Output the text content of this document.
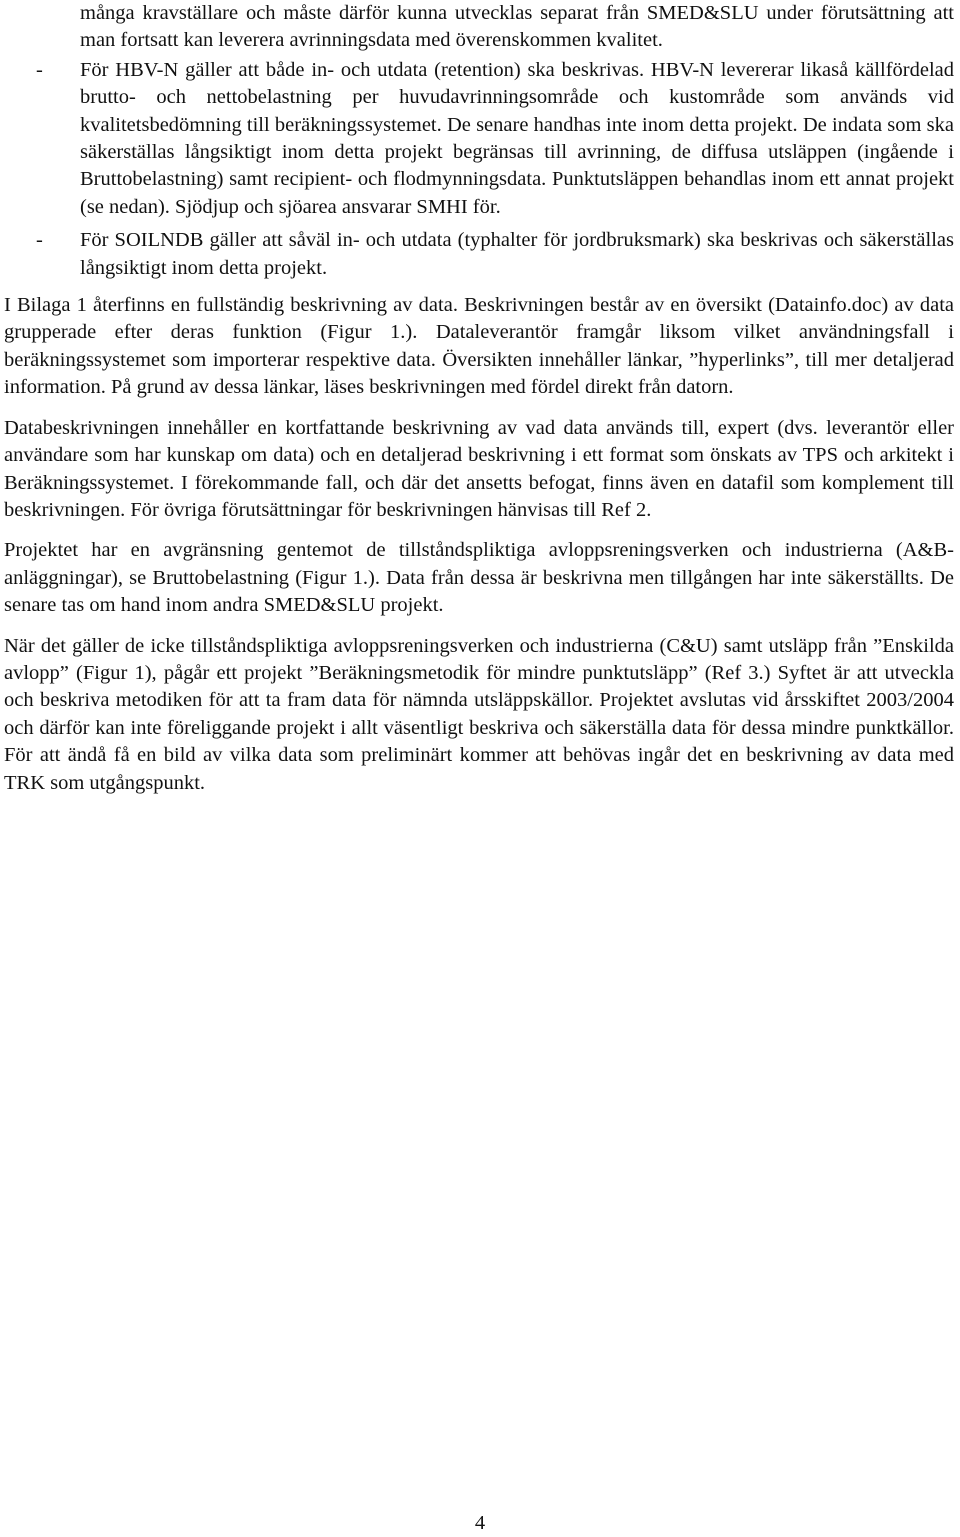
många kravställare och måste därför kunna utvecklas separat från SMED&SLU under förutsättning att man fortsatt kan leverera avrinningsdata med överenskommen kvalitet.

- För HBV-N gäller att både in- och utdata (retention) ska beskrivas. HBV-N levererar likaså källfördelad brutto- och nettobelastning per huvudavrinningsområde och kustområde som används vid kvalitetsbedömning till beräkningssystemet. De senare handhas inte inom detta projekt. De indata som ska säkerställas långsiktigt inom detta projekt begränsas till avrinning, de diffusa utsläppen (ingående i Bruttobelastning) samt recipient- och flodmynningsdata. Punktutsläppen behandlas inom ett annat projekt (se nedan). Sjödjup och sjöarea ansvarar SMHI för.

- För SOILNDB gäller att såväl in- och utdata (typhalter för jordbruksmark) ska beskrivas och säkerställas långsiktigt inom detta projekt.

I Bilaga 1 återfinns en fullständig beskrivning av data. Beskrivningen består av en översikt (Datainfo.doc) av data grupperade efter deras funktion (Figur 1.). Dataleverantör framgår liksom vilket användningsfall i beräkningssystemet som importerar respektive data. Översikten innehåller länkar, ”hyperlinks”, till mer detaljerad information. På grund av dessa länkar, läses beskrivningen med fördel direkt från datorn.

Databeskrivningen innehåller en kortfattande beskrivning av vad data används till, expert (dvs. leverantör eller användare som har kunskap om data) och en detaljerad beskrivning i ett format som önskats av TPS och arkitekt i Beräkningssystemet. I förekommande fall, och där det ansetts befogat, finns även en datafil som komplement till beskrivningen. För övriga förutsättningar för beskrivningen hänvisas till Ref 2.

Projektet har en avgränsning gentemot de tillståndspliktiga avloppsreningsverken och industrierna (A&B-anläggningar), se Bruttobelastning (Figur 1.). Data från dessa är beskrivna men tillgången har inte säkerställts. De senare tas om hand inom andra SMED&SLU projekt.

När det gäller de icke tillståndspliktiga avloppsreningsverken och industrierna (C&U) samt utsläpp från ”Enskilda avlopp” (Figur 1), pågår ett projekt ”Beräkningsmetodik för mindre punktutsläpp” (Ref 3.) Syftet är att utveckla och beskriva metodiken för att ta fram data för nämnda utsläppskällor. Projektet avslutas vid årsskiftet 2003/2004 och därför kan inte föreliggande projekt i allt väsentligt beskriva och säkerställa data för dessa mindre punktkällor. För att ändå få en bild av vilka data som preliminärt kommer att behövas ingår det en beskrivning av data med TRK som utgångspunkt.

4
